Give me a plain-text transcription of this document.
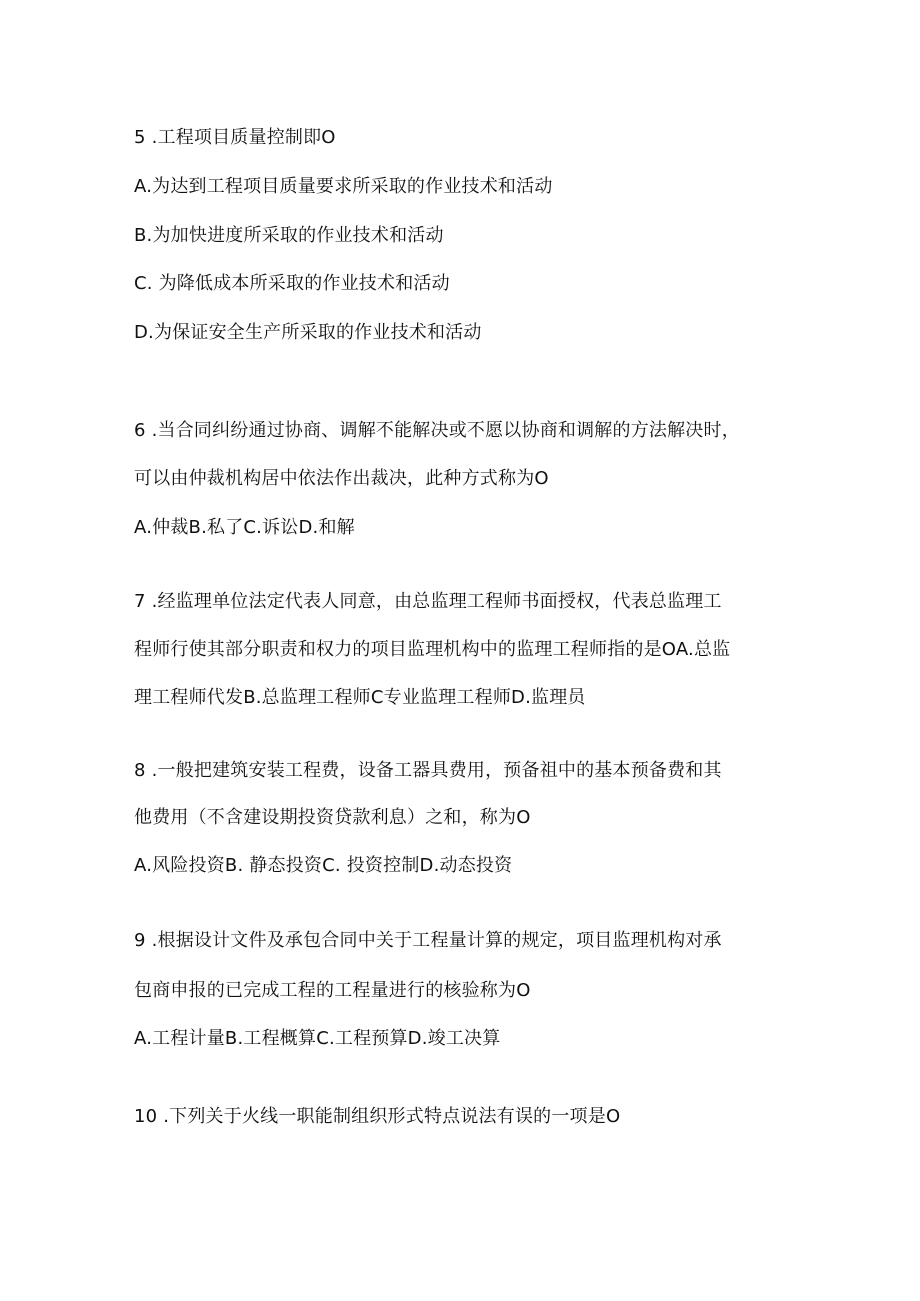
5 .工程项目质量控制即O

A.为达到工程项目质量要求所采取的作业技术和活动

B.为加快进度所采取的作业技术和活动

C. 为降低成本所采取的作业技术和活动

D.为保证安全生产所采取的作业技术和活动

6 .当合同纠纷通过协商、调解不能解决或不愿以协商和调解的方法解决时，

可以由仲裁机构居中依法作出裁决，此种方式称为O

A.仲裁B.私了C.诉讼D.和解

7 .经监理单位法定代表人同意，由总监理工程师书面授权，代表总监理工

程师行使其部分职责和权力的项目监理机构中的监理工程师指的是OA.总监

理工程师代发B.总监理工程师C专业监理工程师D.监理员

8 .一般把建筑安装工程费，设备工器具费用，预备祖中的基本预备费和其

他费用（不含建设期投资贷款利息）之和，称为O

A.风险投资B. 静态投资C. 投资控制D.动态投资

9 .根据设计文件及承包合同中关于工程量计算的规定，项目监理机构对承

包商申报的已完成工程的工程量进行的核验称为O

A.工程计量B.工程概算C.工程预算D.竣工决算

10 .下列关于火线一职能制组织形式特点说法有误的一项是O
